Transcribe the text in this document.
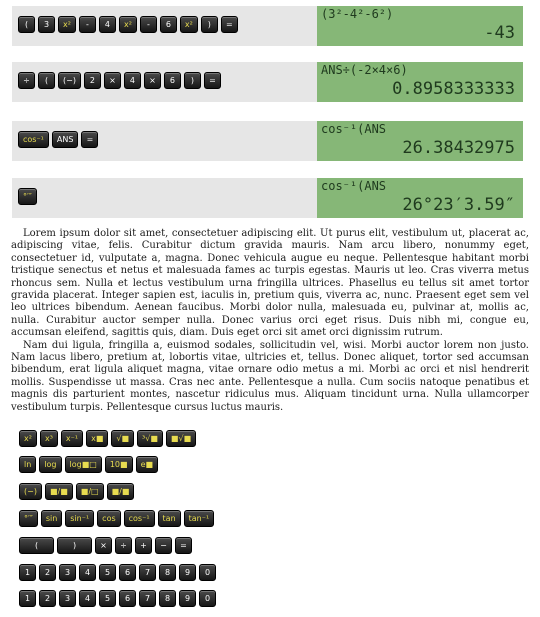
(	3	x²	-	4	x²	-	6	x²	)	=
(3²-4²-6²)
-43
÷	(	(−)	2	×	4	×	6	)	=
ANS÷(-2×4×6)
0.8958333333
cos⁻¹	ANS	=
cos⁻¹(ANS
26.38432975
°′″
cos⁻¹(ANS
26°23′3.59″

Lorem ipsum dolor sit amet, consectetuer adipiscing elit. Ut purus elit, vestibulum ut, placerat ac, adipiscing vitae, felis. Curabitur dictum gravida mauris. Nam arcu libero, nonummy eget, consectetuer id, vulputate a, magna. Donec vehicula augue eu neque. Pellentesque habitant morbi tristique senectus et netus et malesuada fames ac turpis egestas. Mauris ut leo. Cras viverra metus rhoncus sem. Nulla et lectus vestibulum urna fringilla ultrices. Phasellus eu tellus sit amet tortor gravida placerat. Integer sapien est, iaculis in, pretium quis, viverra ac, nunc. Praesent eget sem vel leo ultrices bibendum. Aenean faucibus. Morbi dolor nulla, malesuada eu, pulvinar at, mollis ac, nulla. Curabitur auctor semper nulla. Donec varius orci eget risus. Duis nibh mi, congue eu, accumsan eleifend, sagittis quis, diam. Duis eget orci sit amet orci dignissim rutrum.

Nam dui ligula, fringilla a, euismod sodales, sollicitudin vel, wisi. Morbi auctor lorem non justo. Nam lacus libero, pretium at, lobortis vitae, ultricies et, tellus. Donec aliquet, tortor sed accumsan bibendum, erat ligula aliquet magna, vitae ornare odio metus a mi. Morbi ac orci et nisl hendrerit mollis. Suspendisse ut massa. Cras nec ante. Pellentesque a nulla. Cum sociis natoque penatibus et magnis dis parturient montes, nascetur ridiculus mus. Aliquam tincidunt urna. Nulla ullamcorper vestibulum turpis. Pellentesque cursus luctus mauris.

x²	x³	x⁻¹	x■	√■	³√■	■√■
ln	log	log■□	10■	e■
(−)	■/■	■/□	■/■
°′″	sin	sin⁻¹	cos	cos⁻¹	tan	tan⁻¹
(	)	×	÷	+	−	=
1	2	3	4	5	6	7	8	9	0
1	2	3	4	5	6	7	8	9	0
